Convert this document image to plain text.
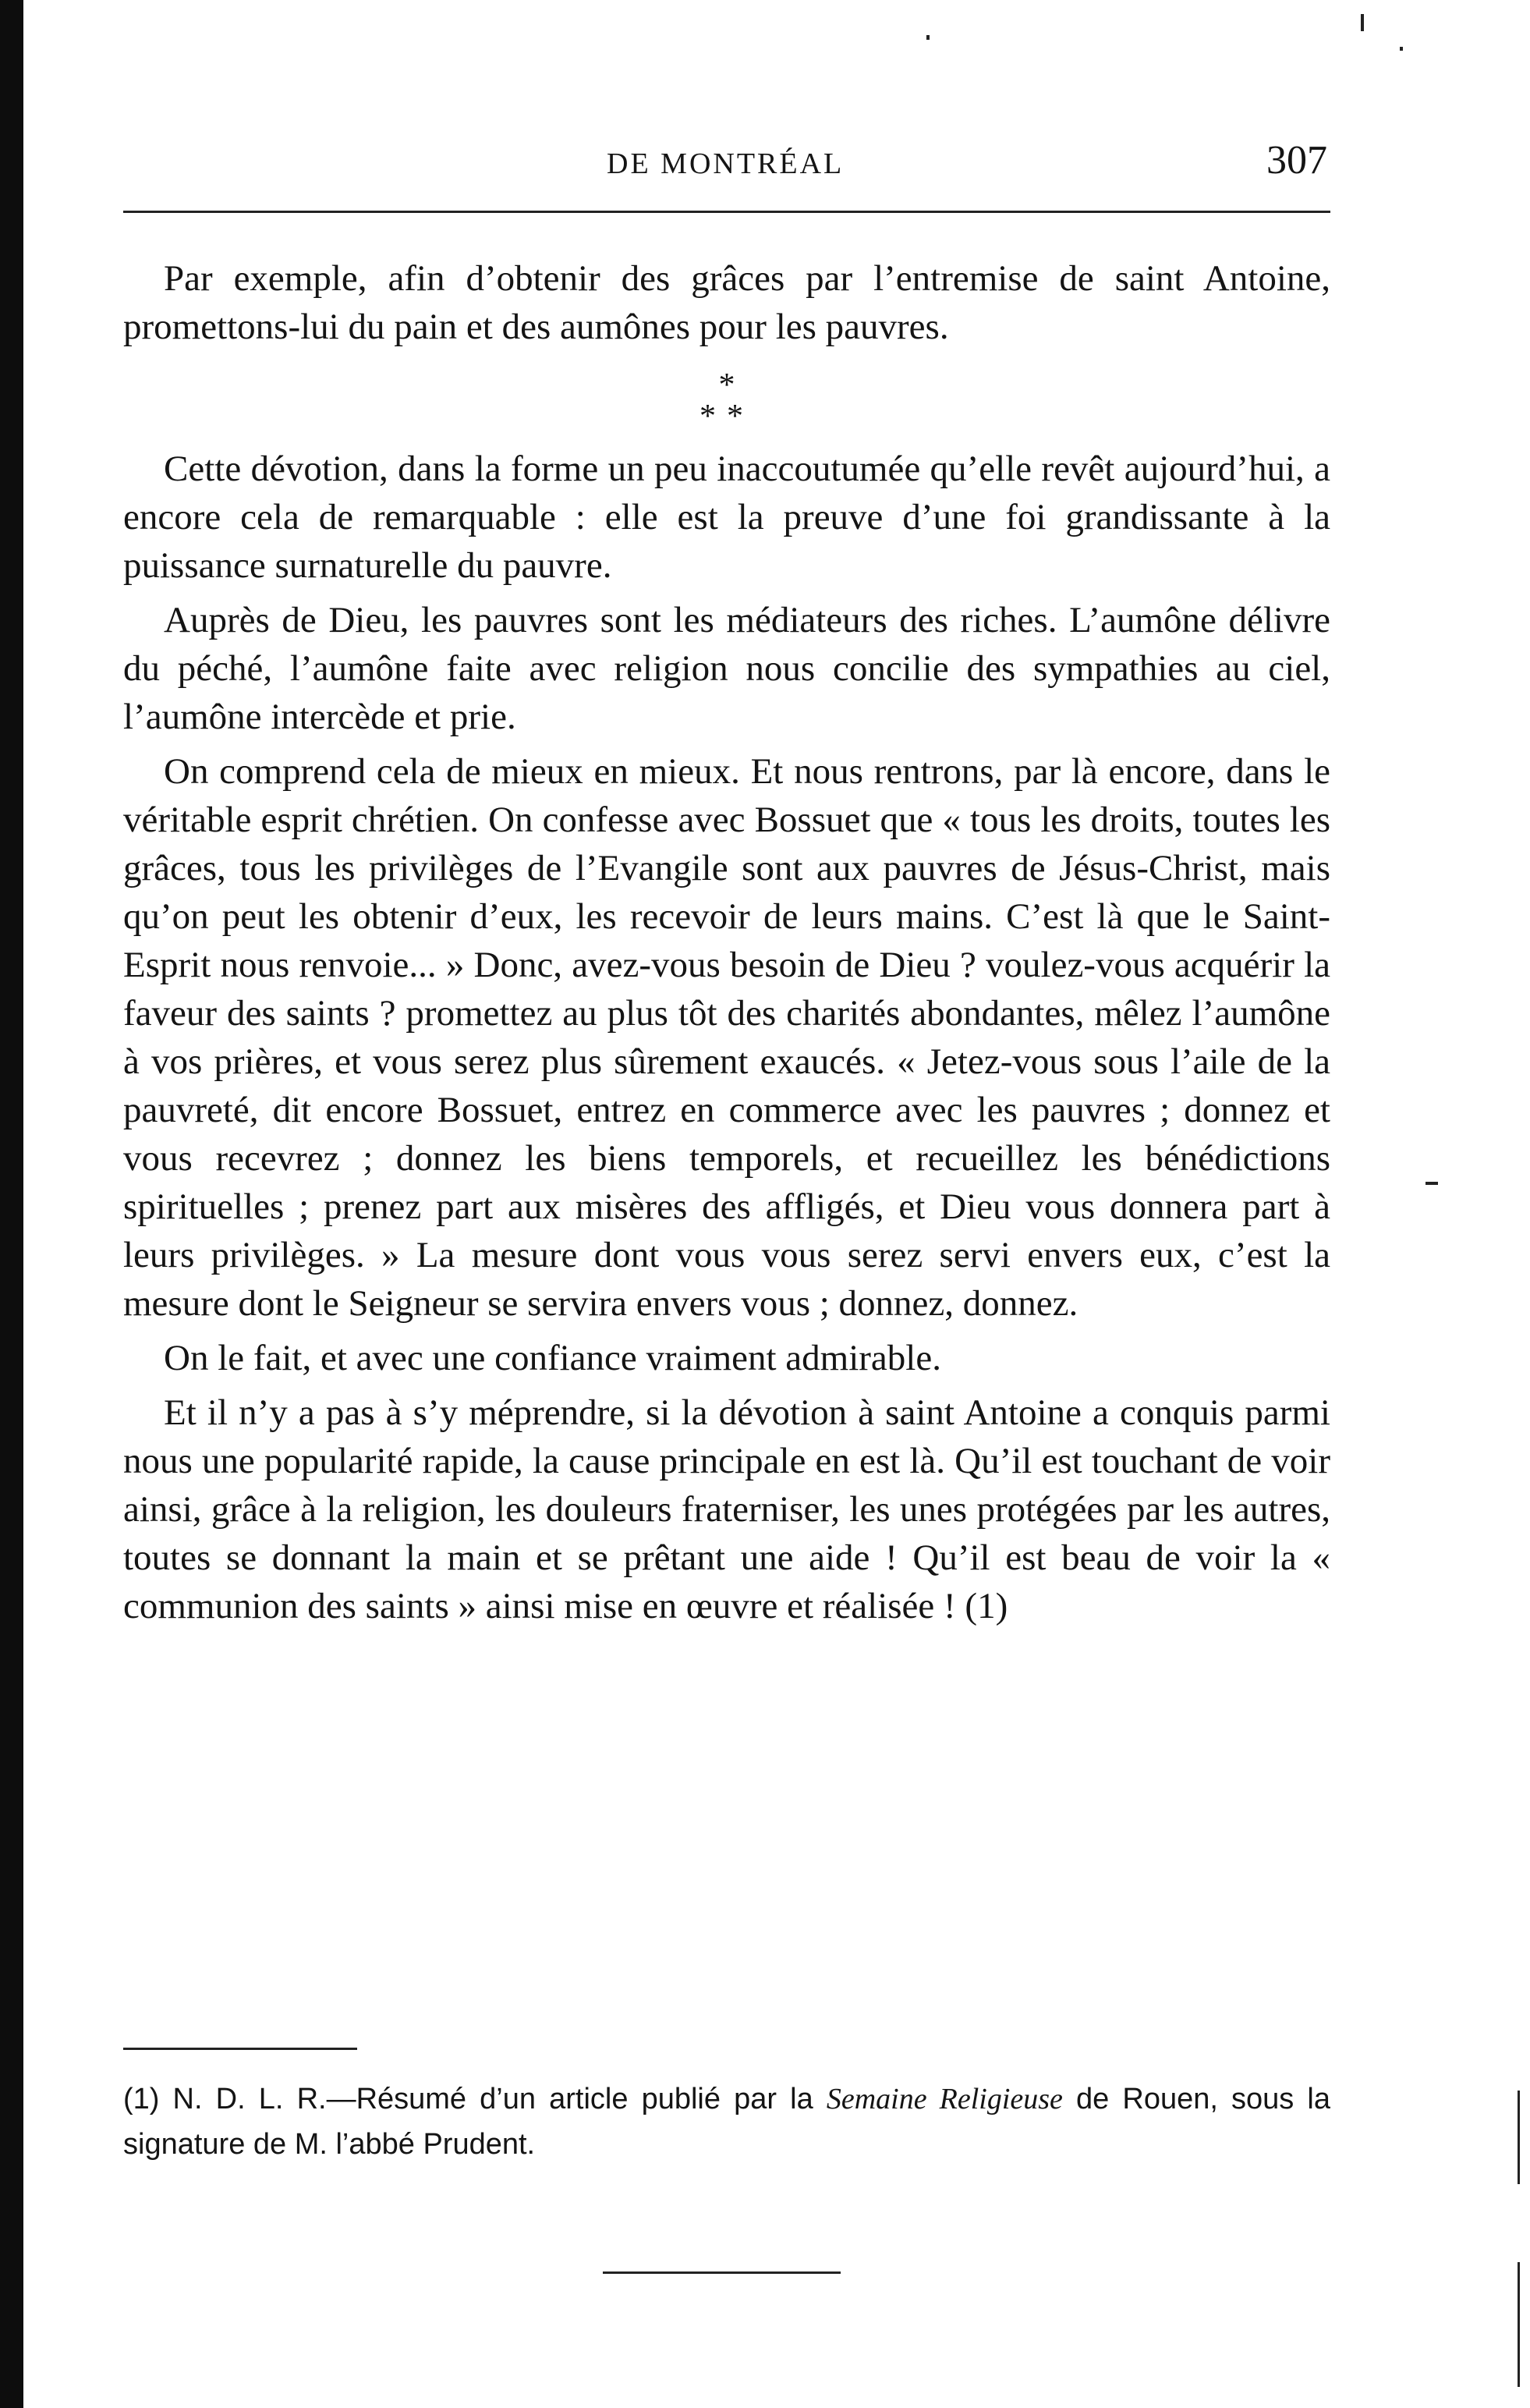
DE MONTRÉAL	307

Par exemple, afin d’obtenir des grâces par l’entremise de saint Antoine, promettons-lui du pain et des aumônes pour les pauvres.

*
**

Cette dévotion, dans la forme un peu inaccoutumée qu’elle revêt aujourd’hui, a encore cela de remarquable : elle est la preuve d’une foi grandissante à la puissance surnaturelle du pauvre.

Auprès de Dieu, les pauvres sont les médiateurs des riches. L’aumône délivre du péché, l’aumône faite avec religion nous concilie des sympathies au ciel, l’aumône intercède et prie.

On comprend cela de mieux en mieux. Et nous rentrons, par là encore, dans le véritable esprit chrétien. On confesse avec Bossuet que « tous les droits, toutes les grâces, tous les privilèges de l’Evangile sont aux pauvres de Jésus-Christ, mais qu’on peut les obtenir d’eux, les recevoir de leurs mains. C’est là que le Saint-Esprit nous renvoie... » Donc, avez-vous besoin de Dieu ? voulez-vous acquérir la faveur des saints ? promettez au plus tôt des charités abondantes, mêlez l’aumône à vos prières, et vous serez plus sûrement exaucés. « Jetez-vous sous l’aile de la pauvreté, dit encore Bossuet, entrez en commerce avec les pauvres ; donnez et vous recevrez ; donnez les biens temporels, et recueillez les bénédictions spirituelles ; prenez part aux misères des affligés, et Dieu vous donnera part à leurs privilèges. » La mesure dont vous vous serez servi envers eux, c’est la mesure dont le Seigneur se servira envers vous ; donnez, donnez.

On le fait, et avec une confiance vraiment admirable.

Et il n’y a pas à s’y méprendre, si la dévotion à saint Antoine a conquis parmi nous une popularité rapide, la cause principale en est là. Qu’il est touchant de voir ainsi, grâce à la religion, les douleurs fraterniser, les unes protégées par les autres, toutes se donnant la main et se prêtant une aide ! Qu’il est beau de voir la « communion des saints » ainsi mise en œuvre et réalisée ! (1)

(1) N. D. L. R.—Résumé d’un article publié par la Semaine Religieuse de Rouen, sous la signature de M. l’abbé Prudent.
